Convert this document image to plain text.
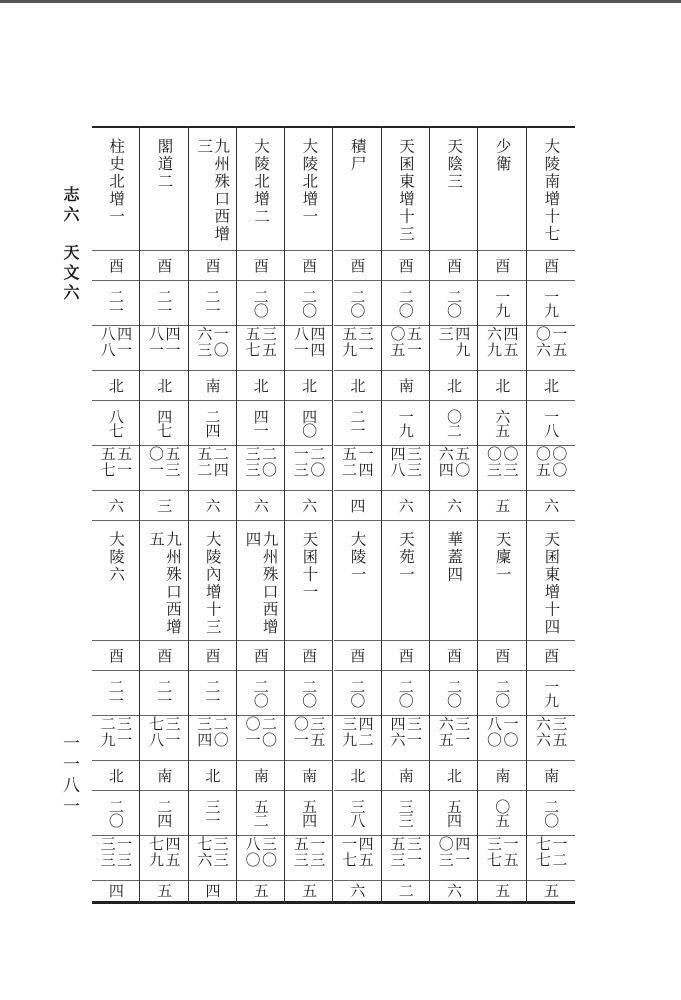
志六
天文六
一一八一
柱史北增一
酉
二一
四一八八
北
八七
五一五七
六
大陵六
酉
二一
三一二九
北
二〇
一三三三
四
閣道二
酉
二一
四一八一
北
四七
五三〇一
三
九州殊口西增五
酉
二一
三一七八
南
二四
四五七九
五
九州殊口西增三
酉
二一
一〇六三
南
二四
二四五二
六
大陵內增十三
酉
二一
二〇三四
北
三一
三三七六
四
大陵北增二
酉
二〇
三五五七
北
四一
二〇三三
六
九州殊口西增四
酉
二〇
二〇〇一
南
五二
三〇八〇
五
大陵北增一
酉
二〇
四四八一
北
四〇
二〇一三
六
天囷十一
酉
二〇
三五〇一
南
五四
一三五三
五
積尸
酉
二〇
三一五九
北
二一
一四五二
四
大陵一
酉
二〇
四二三九
北
三八
四五一七
六
天囷東增十三
酉
二〇
五一〇五
南
一九
三三四八
六
天苑一
酉
二〇
三一四六
南
三三
三一五三
二
天陰三
酉
二〇
四九三
北
〇二
五〇六四
六
華蓋四
酉
二〇
三一六五
北
五四
四一〇三
六
少衛
酉
一九
四五六九
北
六五
〇三〇三
五
天廩一
酉
二〇
一〇八〇
南
〇五
一五三七
五
大陵南增十七
酉
一九
一五〇六
北
一八
〇〇〇五
六
天囷東增十四
酉
一九
三五六六
南
二〇
一二七七
五
